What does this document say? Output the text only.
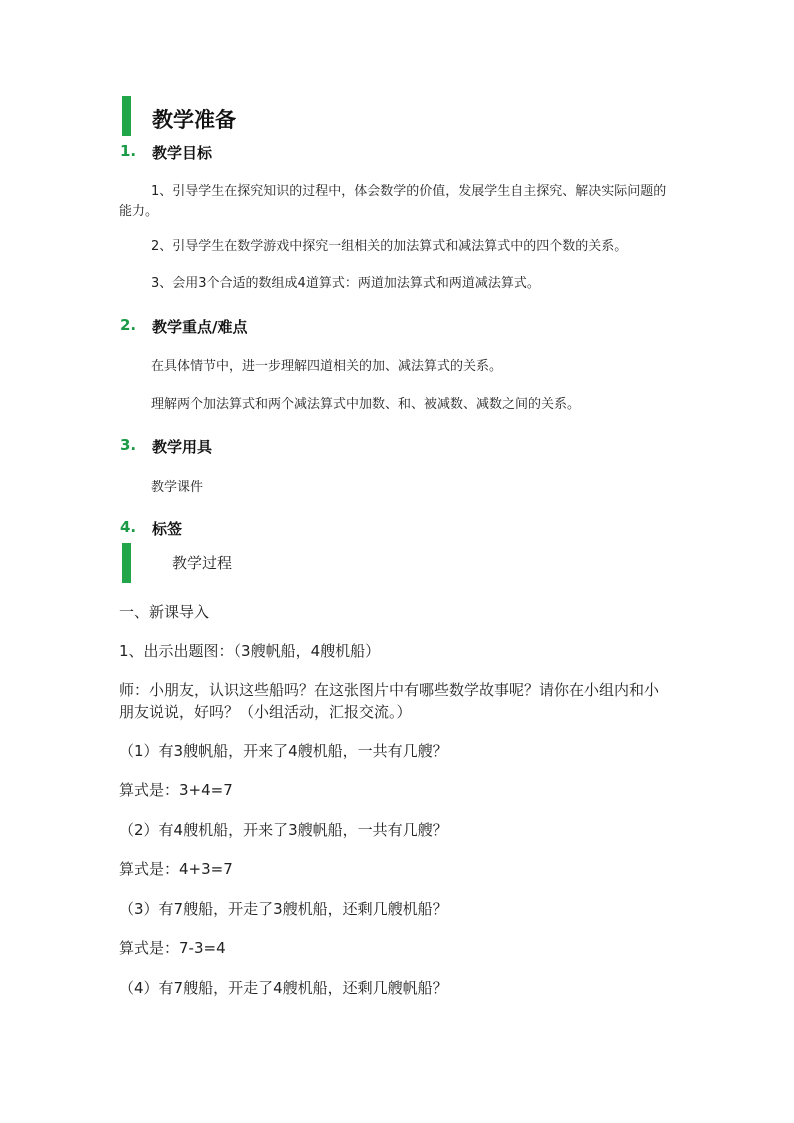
教学准备
1. 教学目标
1、引导学生在探究知识的过程中，体会数学的价值，发展学生自主探究、解决实际问题的能力。
2、引导学生在数学游戏中探究一组相关的加法算式和减法算式中的四个数的关系。
3、会用3个合适的数组成4道算式：两道加法算式和两道减法算式。
2. 教学重点/难点
在具体情节中，进一步理解四道相关的加、减法算式的关系。
理解两个加法算式和两个减法算式中加数、和、被减数、减数之间的关系。
3. 教学用具
教学课件
4. 标签
教学过程
一、新课导入
1、出示出题图：（3艘帆船，4艘机船）
师：小朋友，认识这些船吗？在这张图片中有哪些数学故事呢？请你在小组内和小朋友说说，好吗？（小组活动，汇报交流。）
（1）有3艘帆船，开来了4艘机船，一共有几艘？
算式是：3+4=7
（2）有4艘机船，开来了3艘帆船，一共有几艘？
算式是：4+3=7
（3）有7艘船，开走了3艘机船，还剩几艘机船？
算式是：7-3=4
（4）有7艘船，开走了4艘机船，还剩几艘帆船？
